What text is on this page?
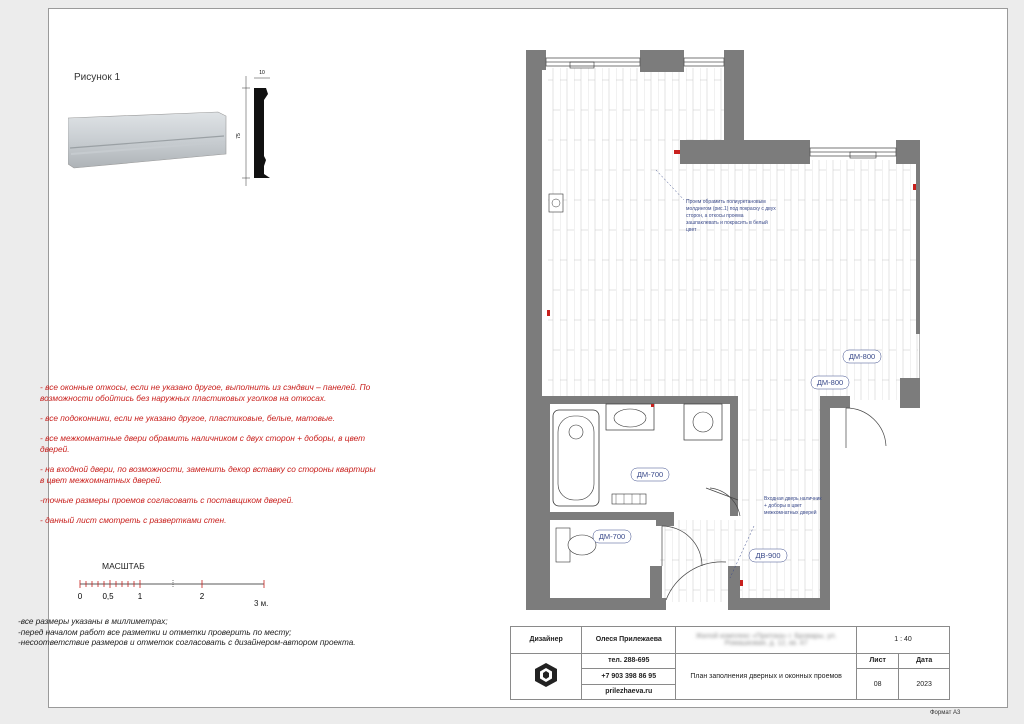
Рисунок 1	10
75

- все оконные откосы, если не указано другое, выполнить из сэндвич – панелей. По возможности обойтись без наружных пластиковых уголков на откосах.

- все подоконники, если не указано другое, пластиковые, белые, матовые.

- все межкомнатные двери обрамить наличником с двух сторон + доборы, в цвет дверей.

- на входной двери, по возможности, заменить декор вставку со стороны квартиры в цвет межкомнатных дверей.

-точные размеры проемов согласовать с поставщиком дверей.

- данный лист смотреть с развертками стен.

МАСШТАБ
0	0,5	1	2
3 м.
-все размеры указаны в миллиметрах;
-перед началом работ все разметки и отметки проверить по месту;
-несоответствие размеров и отметок согласовать с дизайнером-автором проекта.
Проем обрамить полиуретановым
молдингом (рис.1) под покраску с двух
сторон, а откосы проема
зашпаклевать и покрасить в белый
цвет
Входная дверь наличник
+ доборы в цвет
межкомнатных дверей
ДМ-800
ДМ-800
ДМ-700
ДМ-700
ДВ-900
Дизайнер	Олеся Прилежаева	Жилой комплекс «Притока» г. Бровары, ул. Ромашковая, д. 12, кв. 47	1 : 40	
	тел. 288-695	План заполнения дверных и оконных проемов	Лист	Дата
	+7 903 398 86 95		08	2023
	prilezhaeva.ru			
Формат А3
